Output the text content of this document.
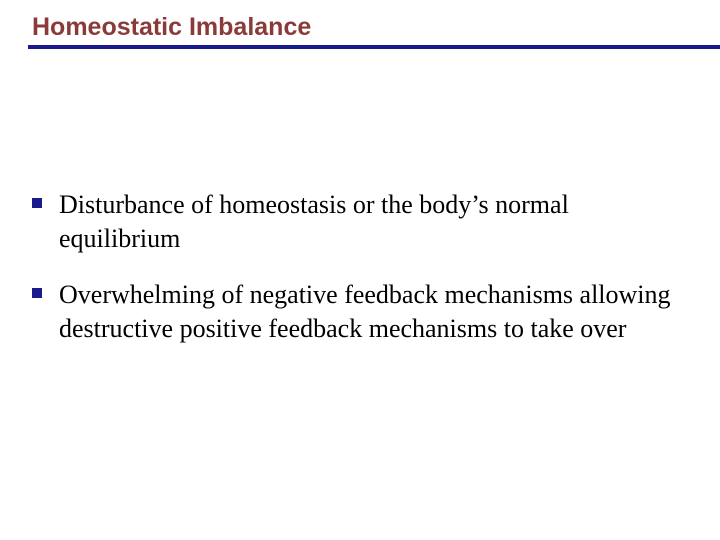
Homeostatic Imbalance
Disturbance of homeostasis or the body’s normal equilibrium
Overwhelming of negative feedback mechanisms allowing destructive positive feedback mechanisms to take over
